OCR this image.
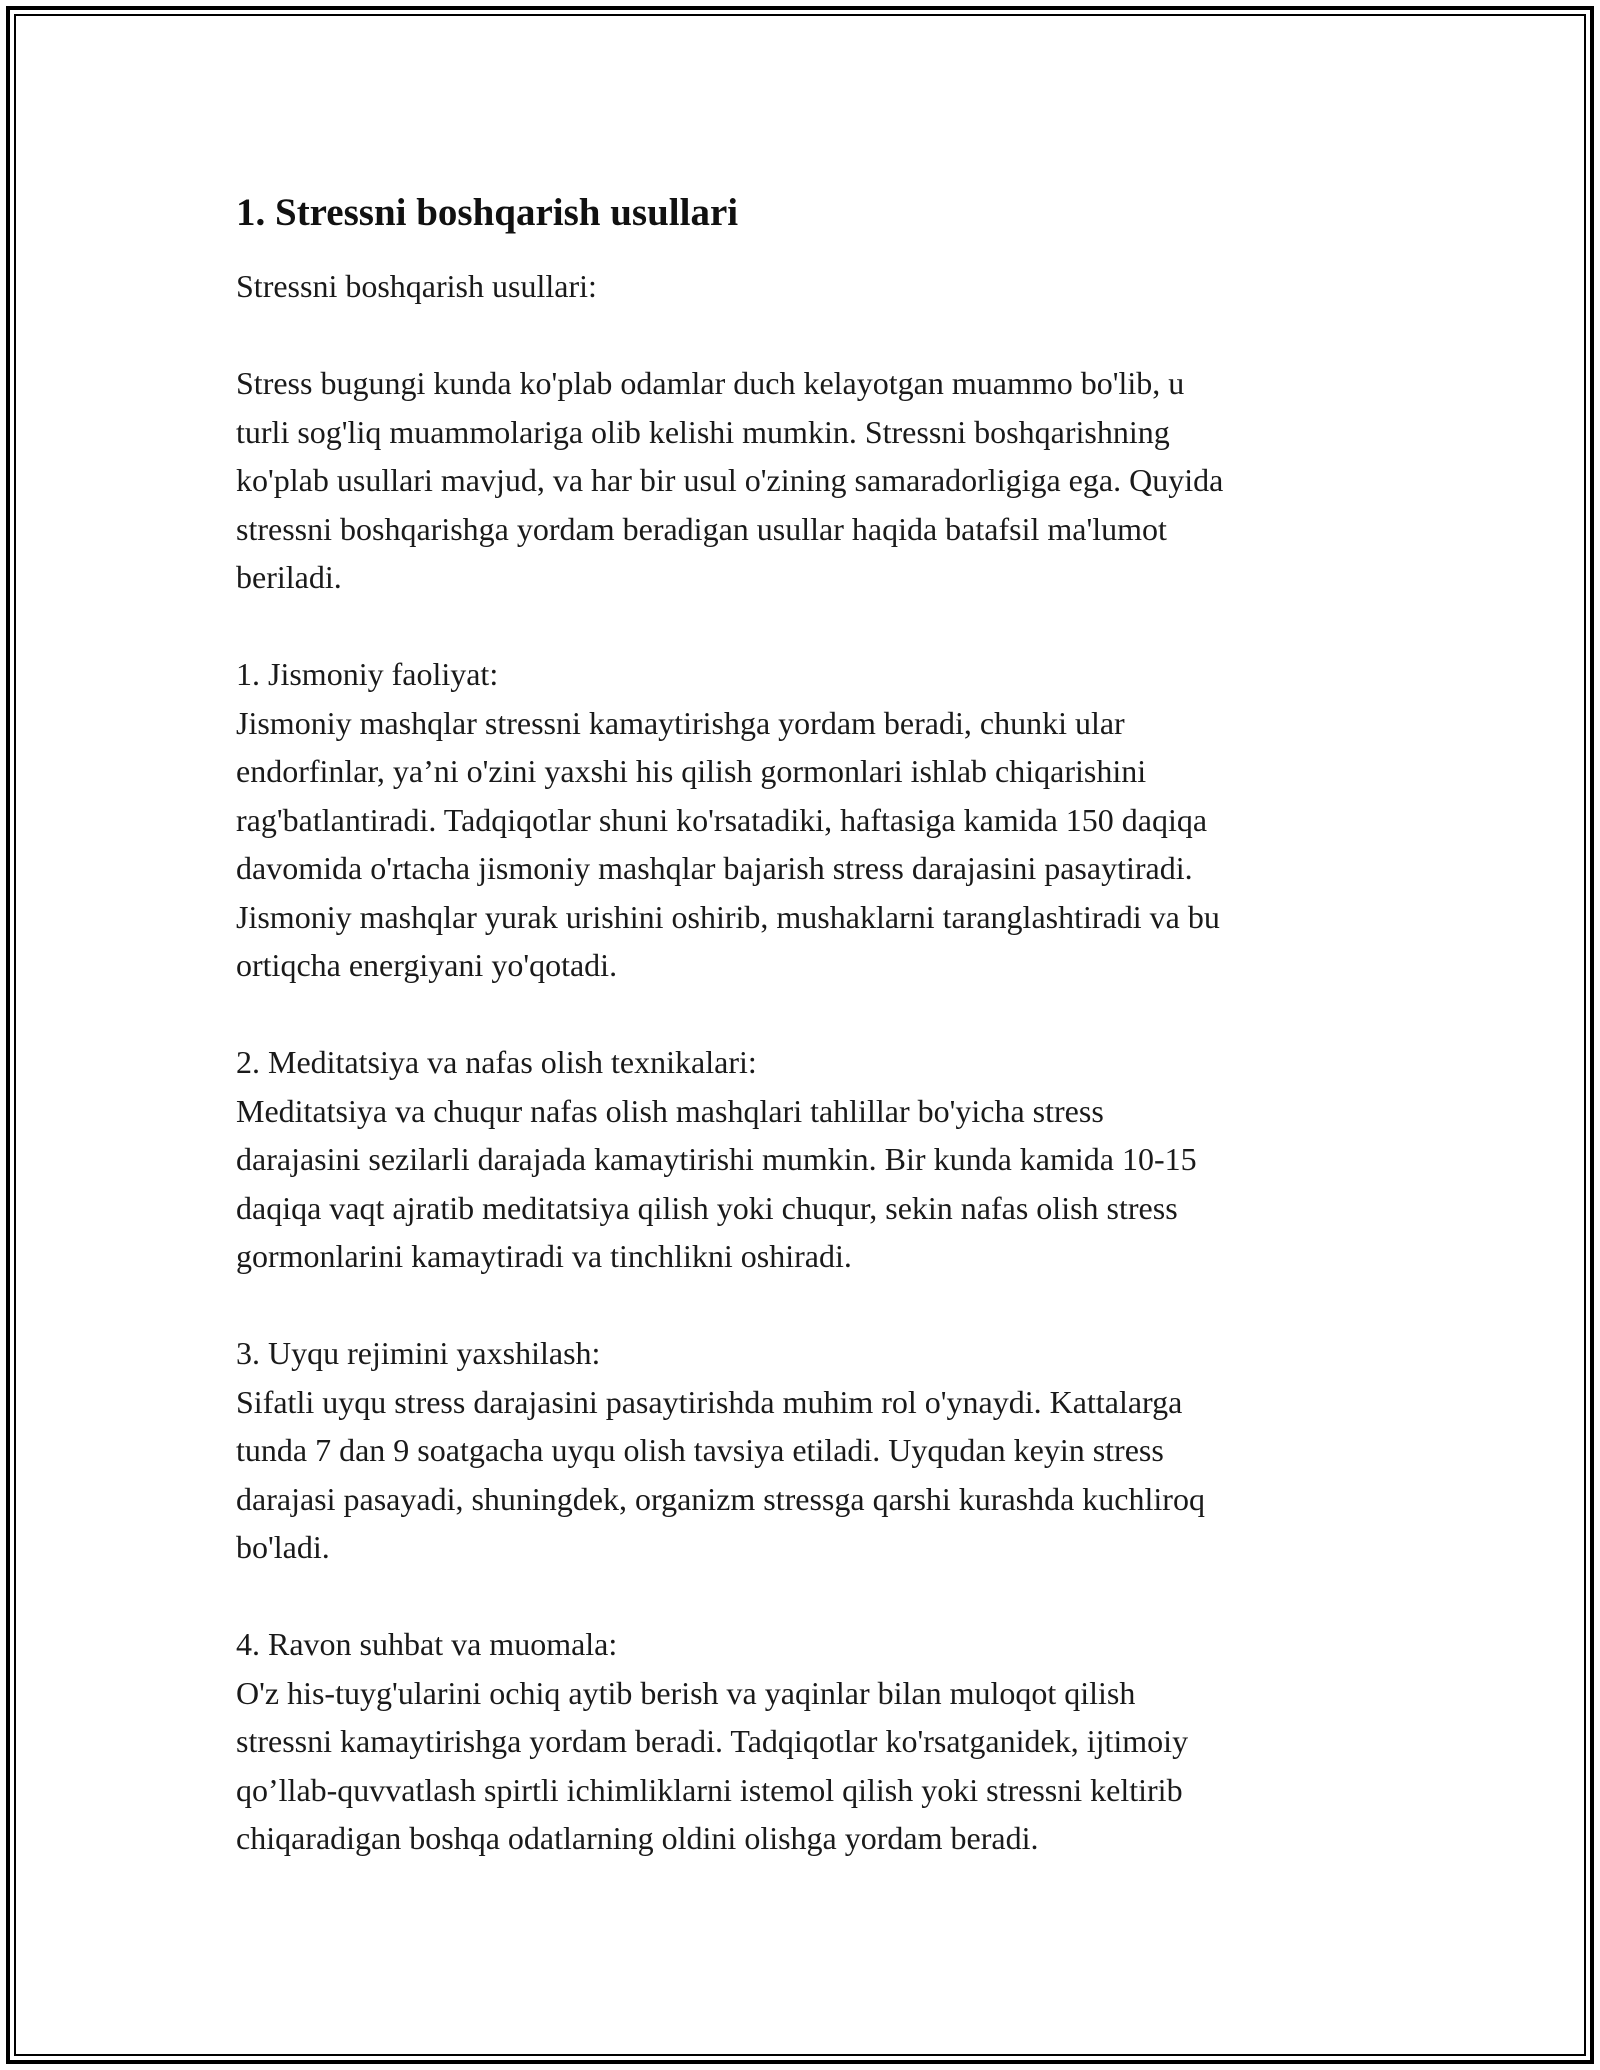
1. Stressni boshqarish usullari

Stressni boshqarish usullari:

Stress bugungi kunda ko'plab odamlar duch kelayotgan muammo bo'lib, u
turli sog'liq muammolariga olib kelishi mumkin. Stressni boshqarishning
ko'plab usullari mavjud, va har bir usul o'zining samaradorligiga ega. Quyida
stressni boshqarishga yordam beradigan usullar haqida batafsil ma'lumot
beriladi.
1. Jismoniy faoliyat:
Jismoniy mashqlar stressni kamaytirishga yordam beradi, chunki ular
endorfinlar, ya’ni o'zini yaxshi his qilish gormonlari ishlab chiqarishini
rag'batlantiradi. Tadqiqotlar shuni ko'rsatadiki, haftasiga kamida 150 daqiqa
davomida o'rtacha jismoniy mashqlar bajarish stress darajasini pasaytiradi.
Jismoniy mashqlar yurak urishini oshirib, mushaklarni taranglashtiradi va bu
ortiqcha energiyani yo'qotadi.
2. Meditatsiya va nafas olish texnikalari:
Meditatsiya va chuqur nafas olish mashqlari tahlillar bo'yicha stress
darajasini sezilarli darajada kamaytirishi mumkin. Bir kunda kamida 10-15
daqiqa vaqt ajratib meditatsiya qilish yoki chuqur, sekin nafas olish stress
gormonlarini kamaytiradi va tinchlikni oshiradi.
3. Uyqu rejimini yaxshilash:
Sifatli uyqu stress darajasini pasaytirishda muhim rol o'ynaydi. Kattalarga
tunda 7 dan 9 soatgacha uyqu olish tavsiya etiladi. Uyqudan keyin stress
darajasi pasayadi, shuningdek, organizm stressga qarshi kurashda kuchliroq
bo'ladi.
4. Ravon suhbat va muomala:
O'z his-tuyg'ularini ochiq aytib berish va yaqinlar bilan muloqot qilish
stressni kamaytirishga yordam beradi. Tadqiqotlar ko'rsatganidek, ijtimoiy
qo’llab-quvvatlash spirtli ichimliklarni istemol qilish yoki stressni keltirib
chiqaradigan boshqa odatlarning oldini olishga yordam beradi.
